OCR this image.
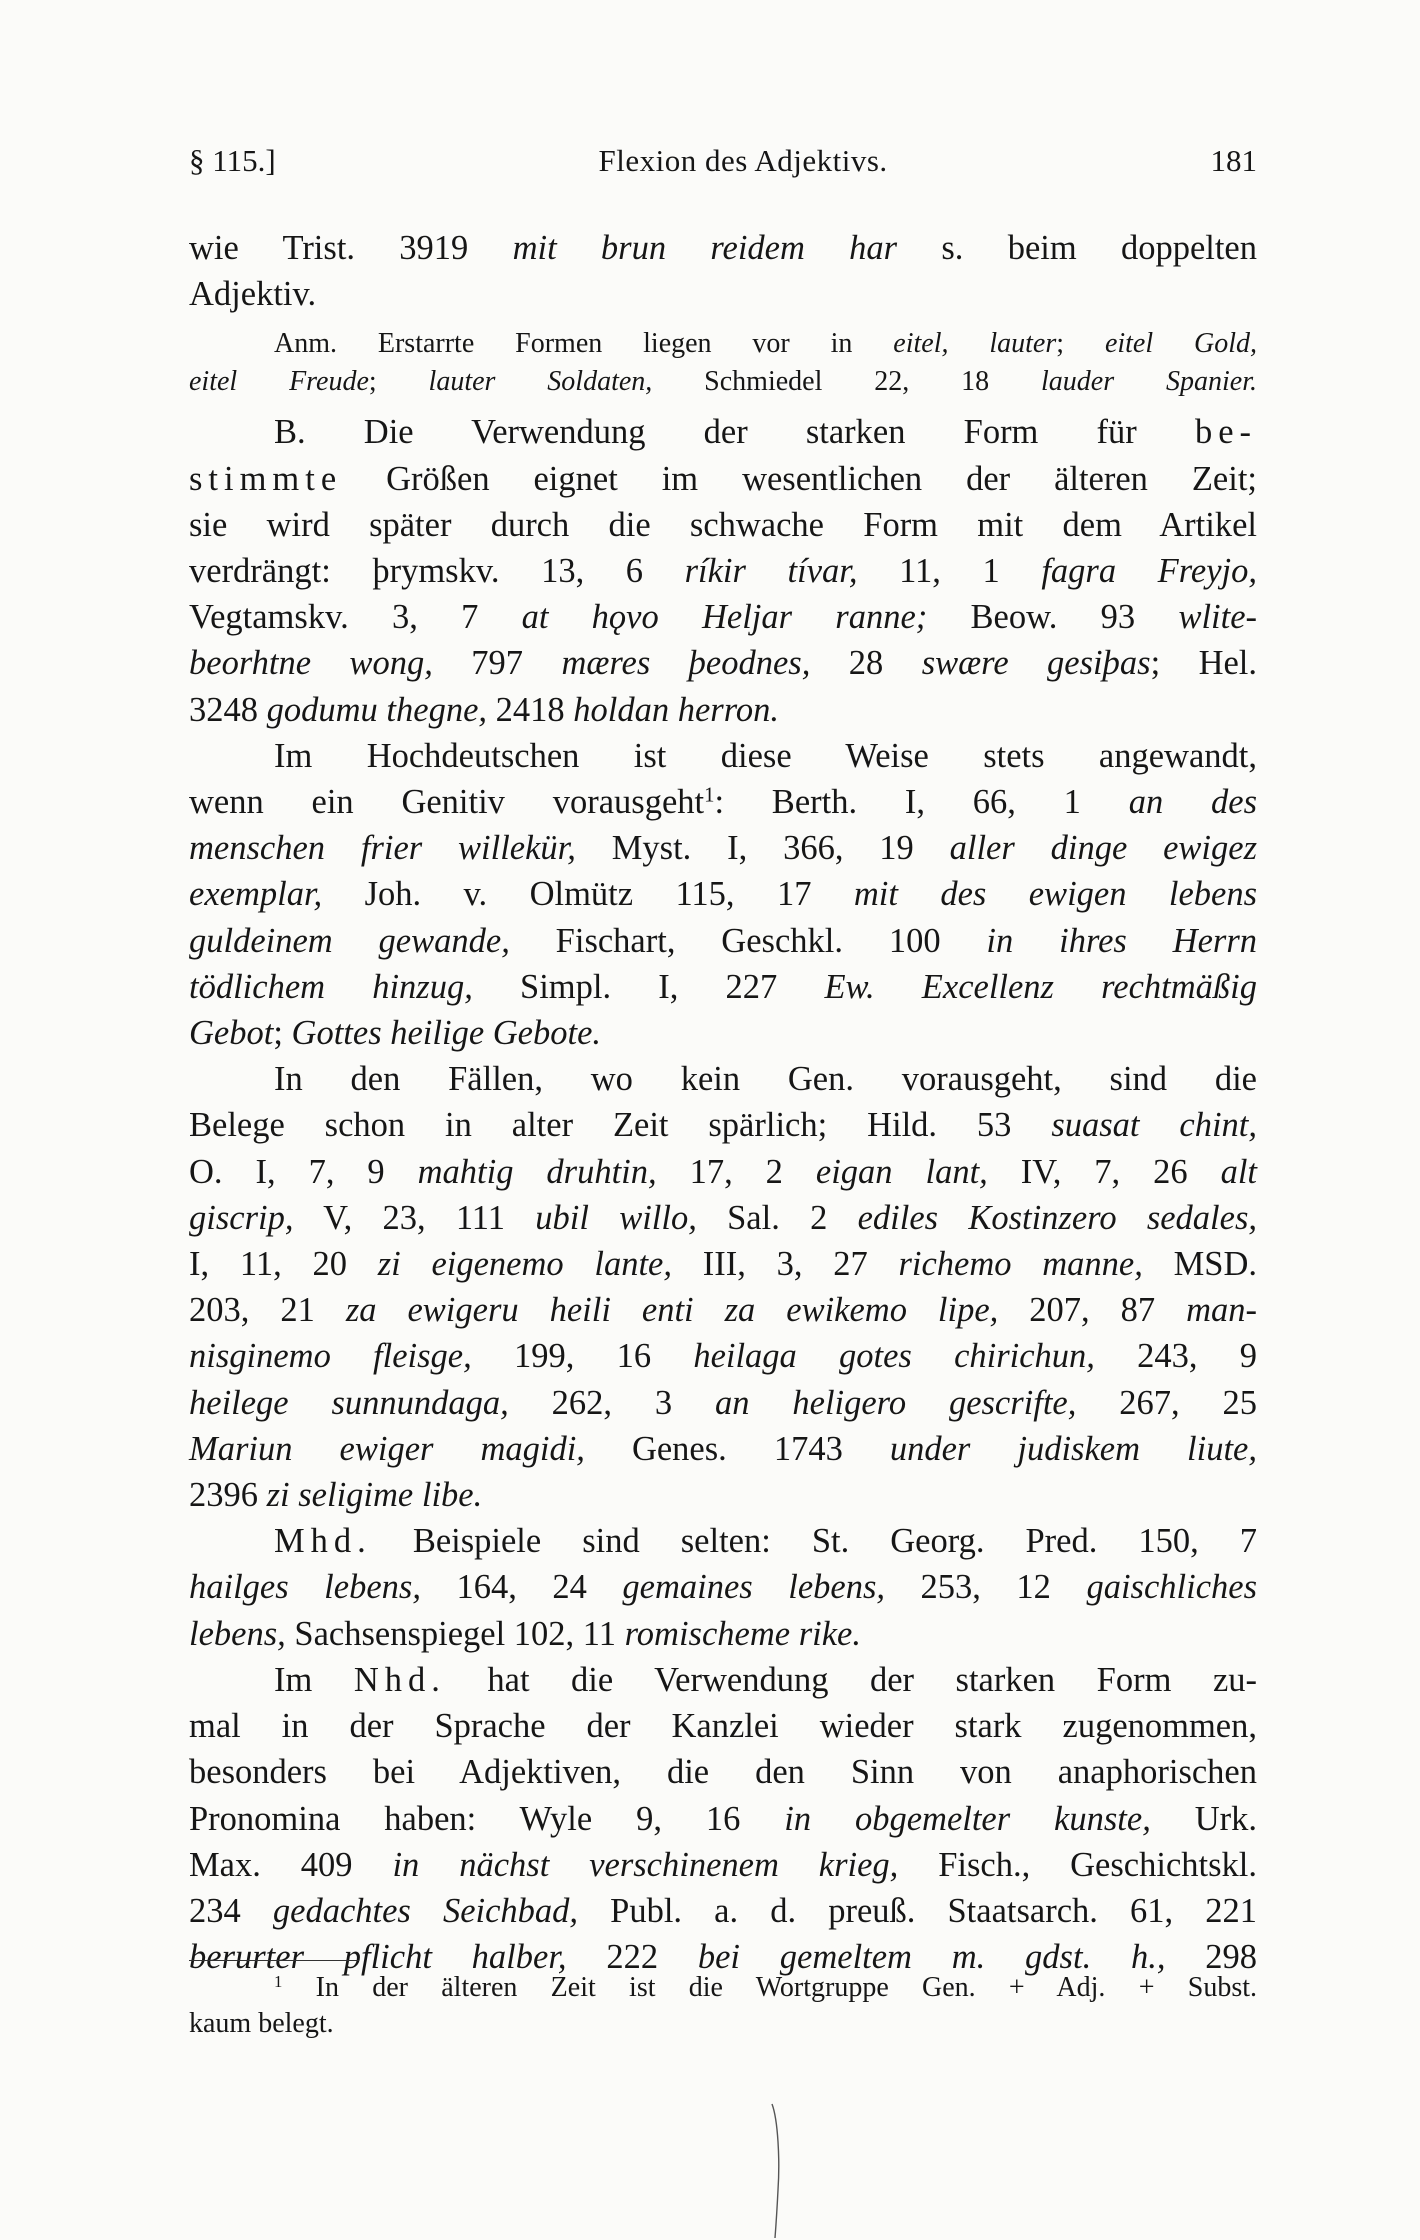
§ 115.]	Flexion des Adjektivs.	181
wie Trist. 3919 mit brun reidem har s. beim doppelten
Adjektiv.
Anm. Erstarrte Formen liegen vor in eitel, lauter; eitel Gold,
eitel Freude; lauter Soldaten, Schmiedel 22, 18 lauder Spanier.
B. Die Verwendung der starken Form für be-
stimmte Größen eignet im wesentlichen der älteren Zeit;
sie wird später durch die schwache Form mit dem Artikel
verdrängt: þrymskv. 13, 6 ríkir tívar, 11, 1 fagra Freyjo,
Vegtamskv. 3, 7 at hǫvo Heljar ranne; Beow. 93 wlite-
beorhtne wong, 797 mæres þeodnes, 28 swære gesiþas; Hel.
3248 godumu thegne, 2418 holdan herron.
Im Hochdeutschen ist diese Weise stets angewandt,
wenn ein Genitiv vorausgeht$^1$: Berth. I, 66, 1 an des
menschen frier willekür, Myst. I, 366, 19 aller dinge ewigez
exemplar, Joh. v. Olmütz 115, 17 mit des ewigen lebens
guldeinem gewande, Fischart, Geschkl. 100 in ihres Herrn
tödlichem hinzug, Simpl. I, 227 Ew. Excellenz rechtmäßig
Gebot; Gottes heilige Gebote.
In den Fällen, wo kein Gen. vorausgeht, sind die
Belege schon in alter Zeit spärlich; Hild. 53 suasat chint,
O. I, 7, 9 mahtig druhtin, 17, 2 eigan lant, IV, 7, 26 alt
giscrip, V, 23, 111 ubil willo, Sal. 2 ediles Kostinzero sedales,
I, 11, 20 zi eigenemo lante, III, 3, 27 richemo manne, MSD.
203, 21 za ewigeru heili enti za ewikemo lipe, 207, 87 man-
nisginemo fleisge, 199, 16 heilaga gotes chirichun, 243, 9
heilege sunnundaga, 262, 3 an heligero gescrifte, 267, 25
Mariun ewiger magidi, Genes. 1743 under judiskem liute,
2396 zi seligime libe.
Mhd. Beispiele sind selten: St. Georg. Pred. 150, 7
hailges lebens, 164, 24 gemaines lebens, 253, 12 gaischliches
lebens, Sachsenspiegel 102, 11 romischeme rike.
Im Nhd. hat die Verwendung der starken Form zu-
mal in der Sprache der Kanzlei wieder stark zugenommen,
besonders bei Adjektiven, die den Sinn von anaphorischen
Pronomina haben: Wyle 9, 16 in obgemelter kunste, Urk.
Max. 409 in nächst verschinenem krieg, Fisch., Geschichtskl.
234 gedachtes Seichbad, Publ. a. d. preuß. Staatsarch. 61, 221
berurter pflicht halber, 222 bei gemeltem m. gdst. h., 298
$^1$ In der älteren Zeit ist die Wortgruppe Gen. + Adj. + Subst.
kaum belegt.
